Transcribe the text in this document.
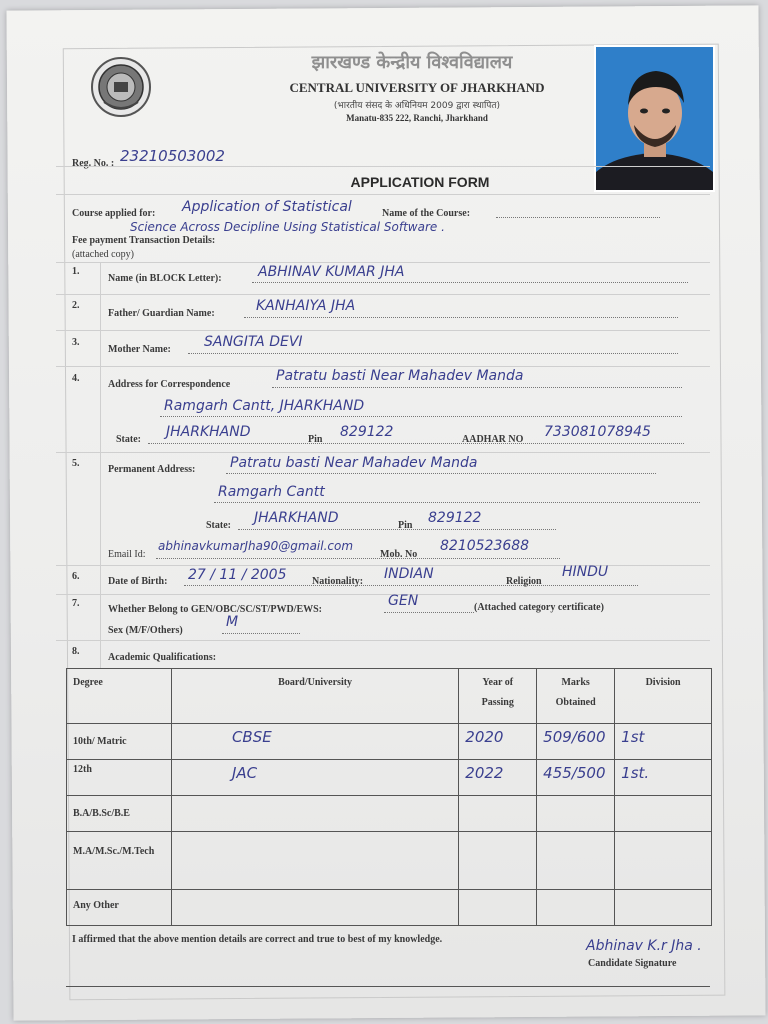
झारखण्ड केन्द्रीय विश्वविद्यालय
CENTRAL UNIVERSITY OF JHARKHAND
(भारतीय संसद के अधिनियम 2009 द्वारा स्थापित)
Manatu-835 222, Ranchi, Jharkhand
Reg. No. : 23210503002
APPLICATION FORM
Course applied for: Application of Statistical
Science Across Decipline Using Statistical Software .
Name of the Course:
Fee payment Transaction Details:
(attached copy)
1.
Name (in BLOCK Letter):	ABHINAV KUMAR JHA
2.
Father/ Guardian Name:	KANHAIYA JHA
3.
Mother Name: SANGITA DEVI
4.
Address for Correspondence
Patratu basti Near Mahadev Manda
Ramgarh Cantt, JHARKHAND
State: JHARKHAND	Pin 829122	AADHAR NO 733081078945
5.
Permanent Address: Patratu basti Near Mahadev Manda
Ramgarh Cantt
State: JHARKHAND	Pin 829122
Email Id:
abhinavkumarJha90@gmail.com
Mob. No
8210523688
6.	Date of Birth: 27 / 11 / 2005	Nationality: INDIAN	Religion
HINDU
7.
Whether Belong to GEN/OBC/SC/ST/PWD/EWS:
GEN	(Attached category certificate)
Sex (M/F/Others)
M
8.
Academic Qualifications:
Degree	Board/University	Year of Passing	Marks Obtained	Division
10th/ Matric	CBSE	2020	509/600	1st
12th	JAC	2022	455/500	1st.
B.A/B.Sc/B.E				
M.A/M.Sc./M.Tech				
Any Other				
I affirmed that the above mention details are correct and true to best of my knowledge.	Abhinav K.r Jha .
Candidate Signature
